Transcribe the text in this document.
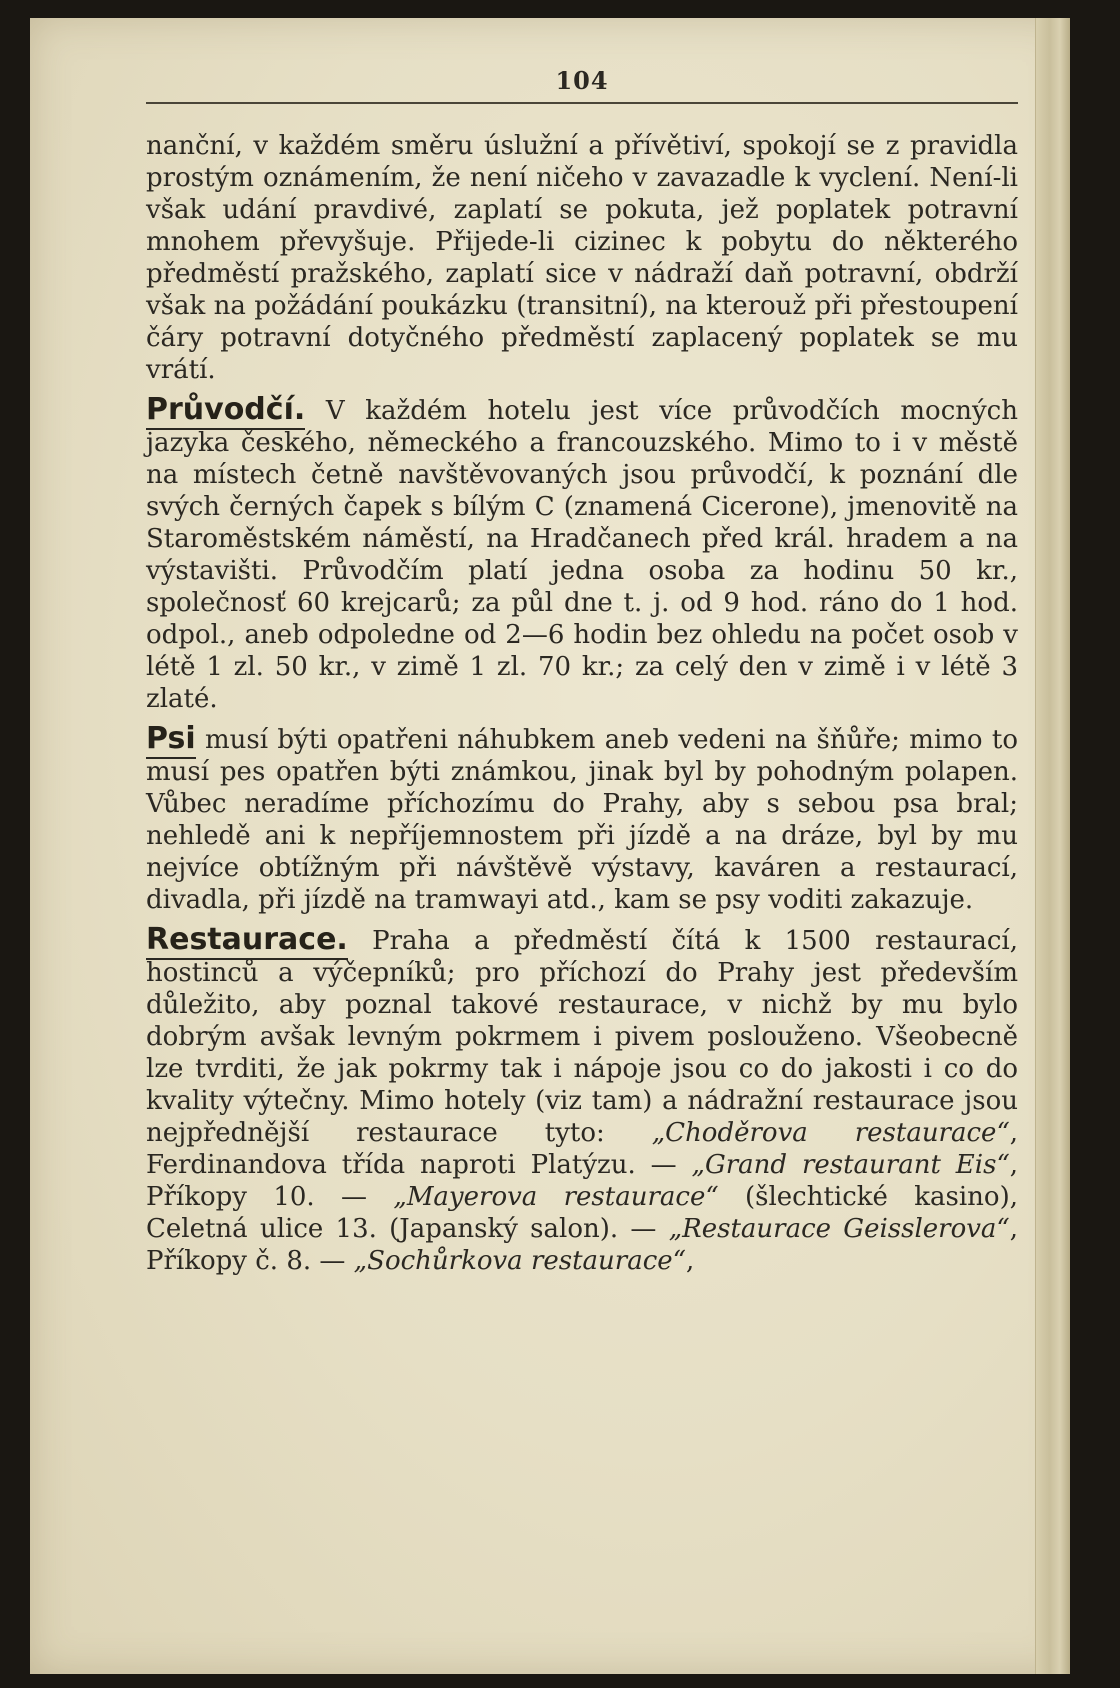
104

nanční, v každém směru úslužní a přívětiví, spokojí se z pravidla prostým oznámením, že není ničeho v zavazadle k vyclení. Není-li však udání pravdivé, zaplatí se pokuta, jež poplatek potravní mnohem převyšuje. Přijede-li cizinec k pobytu do některého předměstí pražského, zaplatí sice v nádraží daň potravní, obdrží však na požádání poukázku (transitní), na kterouž při přestoupení čáry potravní dotyčného předměstí zaplacený poplatek se mu vrátí.

Průvodčí. V každém hotelu jest více průvodčích mocných jazyka českého, německého a francouzského. Mimo to i v městě na místech četně navštěvovaných jsou průvodčí, k poznání dle svých černých čapek s bílým C (znamená Cicerone), jmenovitě na Staroměstském náměstí, na Hradčanech před král. hradem a na výstavišti. Průvodčím platí jedna osoba za hodinu 50 kr., společnosť 60 krejcarů; za půl dne t. j. od 9 hod. ráno do 1 hod. odpol., aneb odpoledne od 2—6 hodin bez ohledu na počet osob v létě 1 zl. 50 kr., v zimě 1 zl. 70 kr.; za celý den v zimě i v létě 3 zlaté.

Psi musí býti opatřeni náhubkem aneb vedeni na šňůře; mimo to musí pes opatřen býti známkou, jinak byl by pohodným polapen. Vůbec neradíme příchozímu do Prahy, aby s sebou psa bral; nehledě ani k nepříjemnostem při jízdě a na dráze, byl by mu nejvíce obtížným při návštěvě výstavy, kaváren a restaurací, divadla, při jízdě na tramwayi atd., kam se psy voditi zakazuje.

Restaurace. Praha a předměstí čítá k 1500 restaurací, hostinců a výčepníků; pro příchozí do Prahy jest především důležito, aby poznal takové restaurace, v nichž by mu bylo dobrým avšak levným pokrmem i pivem poslouženo. Všeobecně lze tvrditi, že jak pokrmy tak i nápoje jsou co do jakosti i co do kvality výtečny. Mimo hotely (viz tam) a nádražní restaurace jsou nejpřednější restaurace tyto: „Choděrova restaurace“, Ferdinandova třída naproti Platýzu. — „Grand restaurant Eis“, Příkopy 10. — „Mayerova restaurace“ (šlechtické kasino), Celetná ulice 13. (Japanský salon). — „Restaurace Geisslerova“, Příkopy č. 8. — „Sochůrkova restaurace“,
